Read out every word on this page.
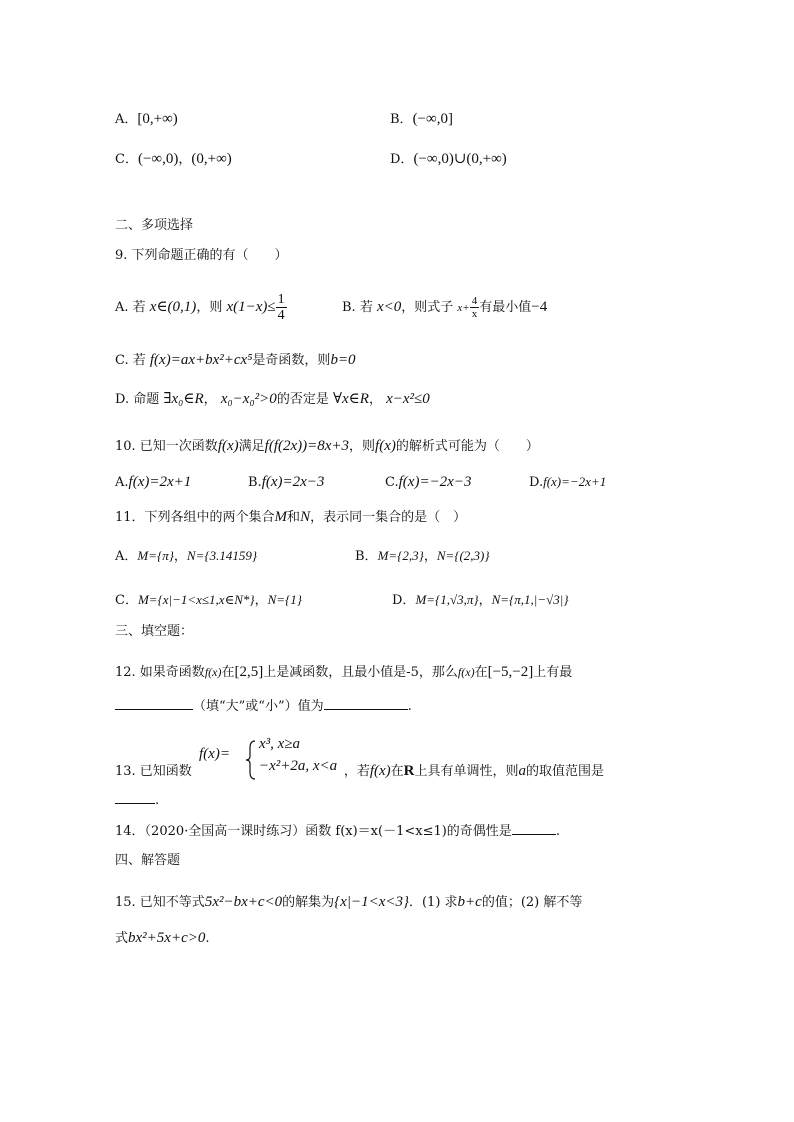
A．[0,+∞)	B．(−∞,0]
C．(−∞,0)，(0,+∞)	D．(−∞,0)∪(0,+∞)
二、多项选择
9. 下列命题正确的有（　　）
A. 若 x∈(0,1)，则 $x(1-x)\le \frac{1}{4}$	B. 若 x<0，则式子 $x+ \frac{4}{x}$ 有最小值−4
C. 若 f(x)=ax+bx²+cx⁵是奇函数，则b=0
D. 命题 ∃x₀∈R， x₀−x₀²>0的否定是 ∀x∈R， x−x²≤0
10. 已知一次函数f(x)满足f(f(2x))=8x+3，则f(x)的解析式可能为（　　）
A.f(x)=2x+1	B.f(x)=2x−3	C.f(x)=−2x−3	D.f(x)=−2x+1
11．下列各组中的两个集合M和N，表示同一集合的是（　）
A．M={π}，N={3.14159}	B．M={2,3}，N={(2,3)}
C．M={x|−1<x≤1,x∈N*}，N={1}	D．M={1,√3,π}，N={π,1,|−√3|}
三、填空题：
12. 如果奇函数f(x)在[2,5]上是减函数，且最小值是-5，那么f(x)在[−5,−2]上有最
（填“大”或“小”）值为	.
f(x)=
x³, x≥a
−x²+2a, x<a
13. 已知函数	，若f(x)在R上具有单调性，则a的取值范围是
.
14．（2020·全国高一课时练习）函数 f(x)＝x(－1<x≤1)的奇偶性是	.
四、解答题
15. 已知不等式5x²−bx+c<0的解集为{x|−1<x<3}．(1) 求b+c的值；(2) 解不等
式bx²+5x+c>0.
